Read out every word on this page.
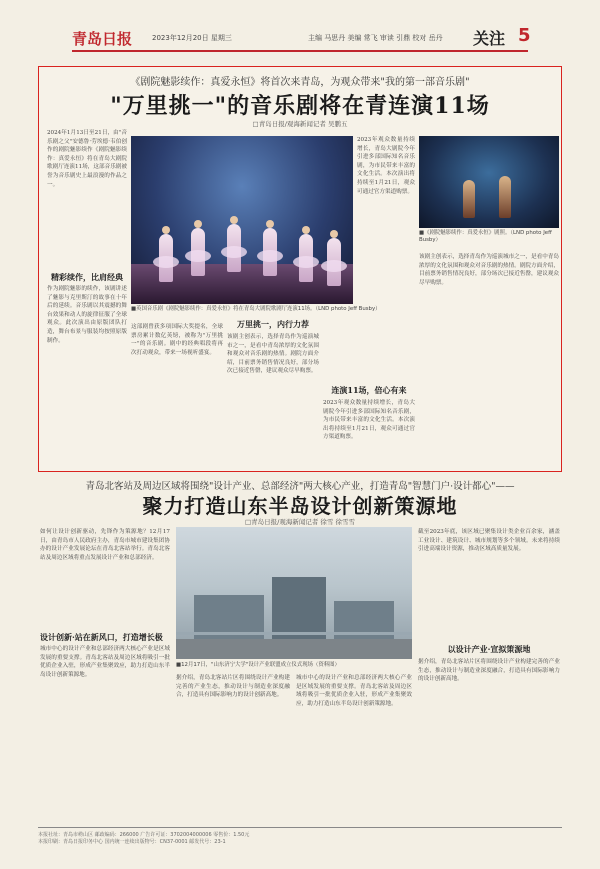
青岛日报	2023年12月20日 星期三	主编 马思丹 美编 常飞 审读 引鼎 校对 岳丹 关注 5
《剧院魅影续作：真爱永恒》将首次来青岛，为观众带来"我的第一部音乐剧"
"万里挑一"的音乐剧将在青连演11场
□青岛日报/观海新闻记者 吴鹏五
2024年1月13日至21日，由"音乐剧之父"安德鲁·劳埃德·韦伯创作的剧院魅影续作《剧院魅影续作：真爱永恒》将在青岛大剧院歌剧厅连演11场，这部音乐剧被誉为音乐剧史上最浪漫的作品之一。
精彩续作，比肩经典
作为剧院魅影的续作，该剧讲述了魅影与克里斯汀的故事在十年后的延续。音乐剧以其震撼的舞台效果和动人的旋律征服了全球观众。此次演出由原版团队打造，舞台布景与服装均按照原版制作。
■英国音乐剧《剧院魅影续作：真爱永恒》将在青岛大剧院歌剧厅连演11场。（LND photo Jeff Busby）
这部剧曾获多项国际大奖提名，全球票房累计数亿英镑，被称为"万里挑一"的音乐剧。剧中的经典唱段将再次打动观众，带来一场视听盛宴。
万里挑一，内行力荐
该剧主创表示，选择青岛作为巡演城市之一，是看中青岛浓厚的文化氛围和观众对音乐剧的热情。剧院方面介绍，目前票务销售情况良好，部分场次已接近售罄，建议观众尽早购票。
2023年观众数量持续增长，青岛大剧院今年引进多部国际知名音乐剧，为市民带来丰富的文化生活。本次演出将持续至1月21日，观众可通过官方渠道购票。
■《剧院魅影续作：真爱永恒》剧照。（LND photo Jeff Busby）
连演11场，倍心有来
2023年观众数量持续增长，青岛大剧院今年引进多部国际知名音乐剧，为市民带来丰富的文化生活。本次演出将持续至1月21日，观众可通过官方渠道购票。
该剧主创表示，选择青岛作为巡演城市之一，是看中青岛浓厚的文化氛围和观众对音乐剧的热情。剧院方面介绍，目前票务销售情况良好，部分场次已接近售罄，建议观众尽早购票。
青岛北客站及周边区域将围绕"设计产业、总部经济"两大核心产业，打造青岛"智慧门户·设计都心"——
聚力打造山东半岛设计创新策源地
□青岛日报/观海新闻记者 徐雪 徐雪雪
如何让设计创新驱动，先锋作为策源地？12月17日，由青岛市人民政府主办，青岛市城市建设集团协办的设计产业发展论坛在青岛北客站举行。青岛北客站及周边区域将重点发展设计产业和总部经济。
设计创新·站在新风口，打造增长极
城市中心的设计产业和总部经济两大核心产业是区域发展的重要支撑。青岛北客站及周边区域将吸引一批优质企业入驻，形成产业集聚效应，助力打造山东半岛设计创新策源地。
■12月17日，"山东济宁大学"设计产业联盟成立仪式现场（资料图）
据介绍，青岛北客站片区将围绕设计产业构建完善的产业生态，推动设计与制造业深度融合，打造具有国际影响力的设计创新高地。
城市中心的设计产业和总部经济两大核心产业是区域发展的重要支撑。青岛北客站及周边区域将吸引一批优质企业入驻，形成产业集聚效应，助力打造山东半岛设计创新策源地。
截至2023年底，该区域已聚集设计类企业百余家，涵盖工业设计、建筑设计、城市规划等多个领域。未来将持续引进高端设计资源，推动区域高质量发展。
以设计产业·宣拟策源地
据介绍，青岛北客站片区将围绕设计产业构建完善的产业生态，推动设计与制造业深度融合，打造具有国际影响力的设计创新高地。
本报社址：青岛市崂山区 邮政编码：266000 广告许可证：3702004000006 零售价：1.50元
本报印刷：青岛日报印务中心 国内统一连续出版物号：CN37-0001 邮发代号：23-1
